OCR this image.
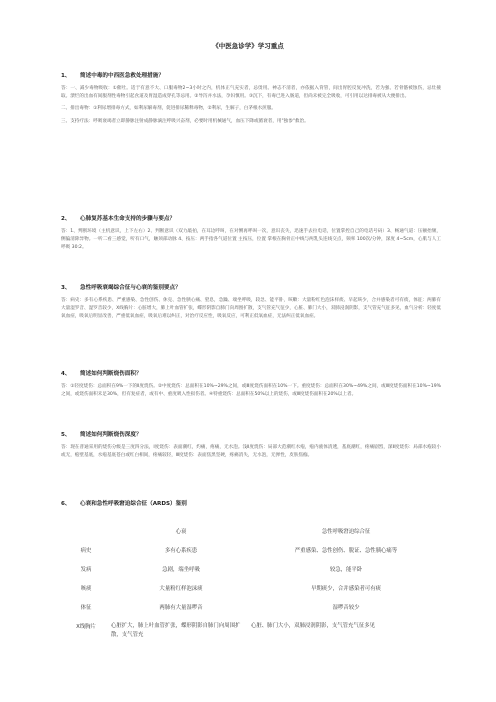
《中医急诊学》学习重点
1、 简述中毒的中西医急救处理措施？

答：一、减少毒物吸收：①催吐。适于有意不大、口服毒物2~3小时之内，机体正气充实者，忌烫用。神志不清者，亦依据入背管，间出胃腔反复冲洗，若为强、若骨骼被蚀伤，忌灶掖取。溃烂的出血有间服剂性毒物引起食道及胃湿造成穿孔等忌用。②导泻并水法，孕妇慎用。③沉下，有毒已进入肠道，但尚未被完全吸收，可引用以达排毒被从大便排出。

二、排出毒物：①利尿增排毒方式，如利尿解毒剂，促进排尿稀释毒物，②利尿，生解子，白茅根水煎服。

三、支持疗法：呼吸衰竭者立即静脉注射成静脉滴注呼吸兴奋剂，必要时用机械通气，血压下降或循衰者，用"独参"救治。

2、 心肺复苏基本生命支持的步骤与要点？

答：1、判断环境（主机意识，上下左右）2、判断意识（双力敲拍，在耳边呼叫，在对侧再呼叫一次，意识丧失，迅速手去拉电话，位置掌控自己的电话号码）3、畅通气道：压额抬颏，侧偏清除异物。一听二看三感觉，听有口气，触颈部动脉 4、按压：两手指各气道位置 主按压，位置 掌根在胸骨正中线与两乳头连线交点，频率 100次/分钟，深度 4~5cm，心肌与人工呼吸 30:2。

3、 急性呼吸衰竭综合征与心衰的鉴别要点？

答：病史：多有心系疾患、严重感染、急性创伤、休克、急性胰心痛、窒息，急躁、端坐呼吸，较急、能平卧，咳嗽：大量粉红色泡沫样痰、早起咳少，合并感染者可有痰，体征：两肺有大量湿罗音、湿罗音较少，X线胸片：心脏增大，肺上叶血管扩张，蝶形阴影自肺门向周围扩散，支气管充气征少，心脏、肺门大小，双肺浸润阴影，支气管充气征多见，血气分析：轻度低氧血症，吸氧后明显改善，严重低氧血症，吸氧后难以纠正，对治疗反应性，吸氧反应，可利正低氧血症，无法纠正低氧血症。

4、 简述如何判断烧伤面积？

答：①轻度烧伤：总面积在9%一下的Ⅱ度烧伤。②中度烧伤：总面积在10%~29%之间，或Ⅲ度烧伤面积在10%一下。重度烧伤：总面积在30%~49%之间，或Ⅲ度烧伤面积在10%~19%之间，或烧伤面积未足30%，但有复症者，或有中、重度吸入性损伤者。④特重烧伤：总面积在50%以上的烧伤，或Ⅲ度烧伤面积在20%以上者。

5、 简述如何判断烧伤深度？

答：现在普通采用的烧伤分级是三度四分法，Ⅰ度烧伤：表面潮红，灼痛，疼痛，无水泡。浅Ⅱ度烧伤：局部大范潮红水疱，疱内液体清透，基底潮红，疼痛剧烈，深Ⅱ度烧伤：局部水疱较小或无，疱壁基底，水疱基底苍白或红白相间，疼痛较轻，Ⅲ度烧伤：表面焦黑坚硬，疼痛消失，无水泡，无弹性，皮肤焦痂。

6、 心衰和急性呼吸窘迫综合征（ARDS）鉴别
	心衰	急性呼吸窘迫综合征
病史	多有心系疾患	严重感染、急性创伤、脱证、急性胰心痛等
发病	急剧，端坐呼吸	较急，能平卧
咳痰	大量粉红样泡沫痰	早期痰少，合并感染者可有痰
体征	两肺有大量湿啰音	湿啰音较少
X线胸片	心脏扩大，肺上叶血管扩张，蝶形阴影自肺门向周围扩散，支气管充	心脏、肺门大小，双肺浸润阴影，支气管充气征多见
